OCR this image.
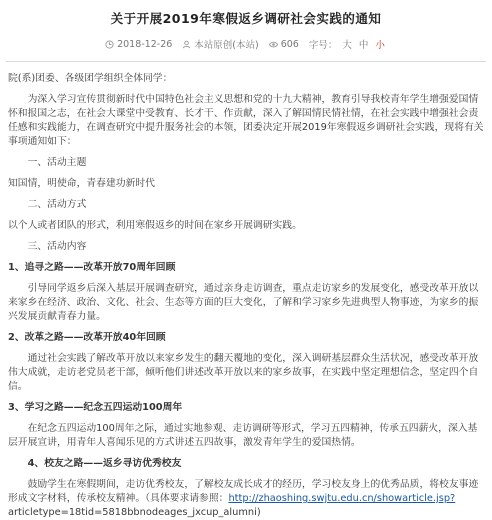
关于开展2019年寒假返乡调研社会实践的通知
2018-12-26 本站原创(本站) 606 字号： 大 中 小

院(系)团委、各级团学组织全体同学：

为深入学习宣传贯彻新时代中国特色社会主义思想和党的十九大精神，教育引导我校青年学生增强爱国情怀和报国之志，在社会大课堂中受教育、长才干、作贡献，深入了解国情民情社情，在社会实践中增强社会责任感和实践能力，在调查研究中提升服务社会的本领，团委决定开展2019年寒假返乡调研社会实践，现将有关事项通知如下：

一、活动主题

知国情，明使命，青春建功新时代

二、活动方式

以个人或者团队的形式，利用寒假返乡的时间在家乡开展调研实践。

三、活动内容

1、追寻之路——改革开放70周年回顾

引导同学返乡后深入基层开展调查研究，通过亲身走访调查，重点走访家乡的发展变化，感受改革开放以来家乡在经济、政治、文化、社会、生态等方面的巨大变化，了解和学习家乡先进典型人物事迹，为家乡的振兴发展贡献青春力量。

2、改革之路——改革开放40年回顾

通过社会实践了解改革开放以来家乡发生的翻天覆地的变化，深入调研基层群众生活状况，感受改革开放伟大成就，走访老党员老干部，倾听他们讲述改革开放以来的家乡故事，在实践中坚定理想信念，坚定四个自信。

3、学习之路——纪念五四运动100周年

在纪念五四运动100周年之际，通过实地参观、走访调研等形式，学习五四精神，传承五四薪火，深入基层开展宣讲，用青年人喜闻乐见的方式讲述五四故事，激发青年学生的爱国热情。

4、校友之路——返乡寻访优秀校友

鼓励学生在寒假期间，走访优秀校友，了解校友成长成才的经历，学习校友身上的优秀品质，将校友事迹形成文字材料，传承校友精神。（具体要求请参照：http://zhaoshing.swjtu.edu.cn/showarticle.jsp?

articletype=18tid=5818bbnodeages_jxcup_alumni)
